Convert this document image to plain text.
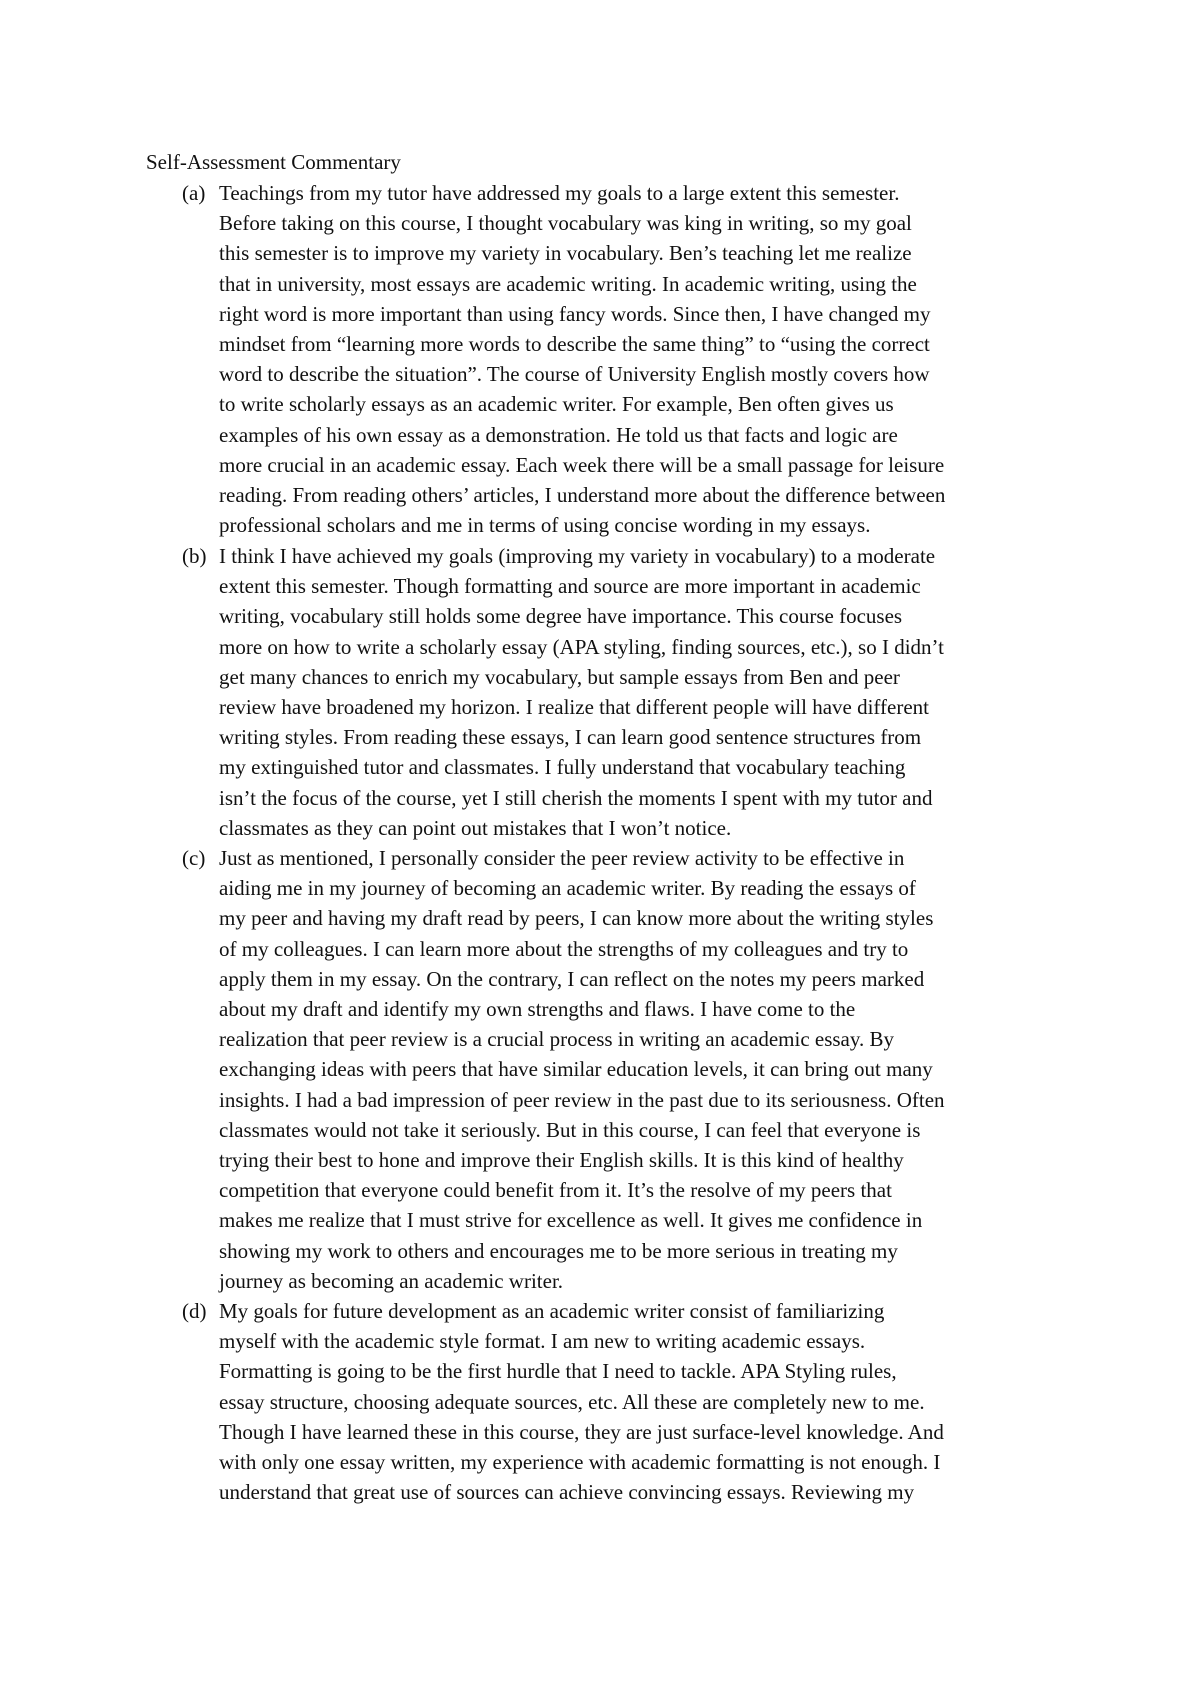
Self-Assessment Commentary
(a) Teachings from my tutor have addressed my goals to a large extent this semester.
Before taking on this course, I thought vocabulary was king in writing, so my goal
this semester is to improve my variety in vocabulary. Ben’s teaching let me realize
that in university, most essays are academic writing. In academic writing, using the
right word is more important than using fancy words. Since then, I have changed my
mindset from “learning more words to describe the same thing” to “using the correct
word to describe the situation”. The course of University English mostly covers how
to write scholarly essays as an academic writer. For example, Ben often gives us
examples of his own essay as a demonstration. He told us that facts and logic are
more crucial in an academic essay. Each week there will be a small passage for leisure
reading. From reading others’ articles, I understand more about the difference between
professional scholars and me in terms of using concise wording in my essays.
(b) I think I have achieved my goals (improving my variety in vocabulary) to a moderate
extent this semester. Though formatting and source are more important in academic
writing, vocabulary still holds some degree have importance. This course focuses
more on how to write a scholarly essay (APA styling, finding sources, etc.), so I didn’t
get many chances to enrich my vocabulary, but sample essays from Ben and peer
review have broadened my horizon. I realize that different people will have different
writing styles. From reading these essays, I can learn good sentence structures from
my extinguished tutor and classmates. I fully understand that vocabulary teaching
isn’t the focus of the course, yet I still cherish the moments I spent with my tutor and
classmates as they can point out mistakes that I won’t notice.
(c) Just as mentioned, I personally consider the peer review activity to be effective in
aiding me in my journey of becoming an academic writer. By reading the essays of
my peer and having my draft read by peers, I can know more about the writing styles
of my colleagues. I can learn more about the strengths of my colleagues and try to
apply them in my essay. On the contrary, I can reflect on the notes my peers marked
about my draft and identify my own strengths and flaws. I have come to the
realization that peer review is a crucial process in writing an academic essay. By
exchanging ideas with peers that have similar education levels, it can bring out many
insights. I had a bad impression of peer review in the past due to its seriousness. Often
classmates would not take it seriously. But in this course, I can feel that everyone is
trying their best to hone and improve their English skills. It is this kind of healthy
competition that everyone could benefit from it. It’s the resolve of my peers that
makes me realize that I must strive for excellence as well. It gives me confidence in
showing my work to others and encourages me to be more serious in treating my
journey as becoming an academic writer.
(d) My goals for future development as an academic writer consist of familiarizing
myself with the academic style format. I am new to writing academic essays.
Formatting is going to be the first hurdle that I need to tackle. APA Styling rules,
essay structure, choosing adequate sources, etc. All these are completely new to me.
Though I have learned these in this course, they are just surface-level knowledge. And
with only one essay written, my experience with academic formatting is not enough. I
understand that great use of sources can achieve convincing essays. Reviewing my
